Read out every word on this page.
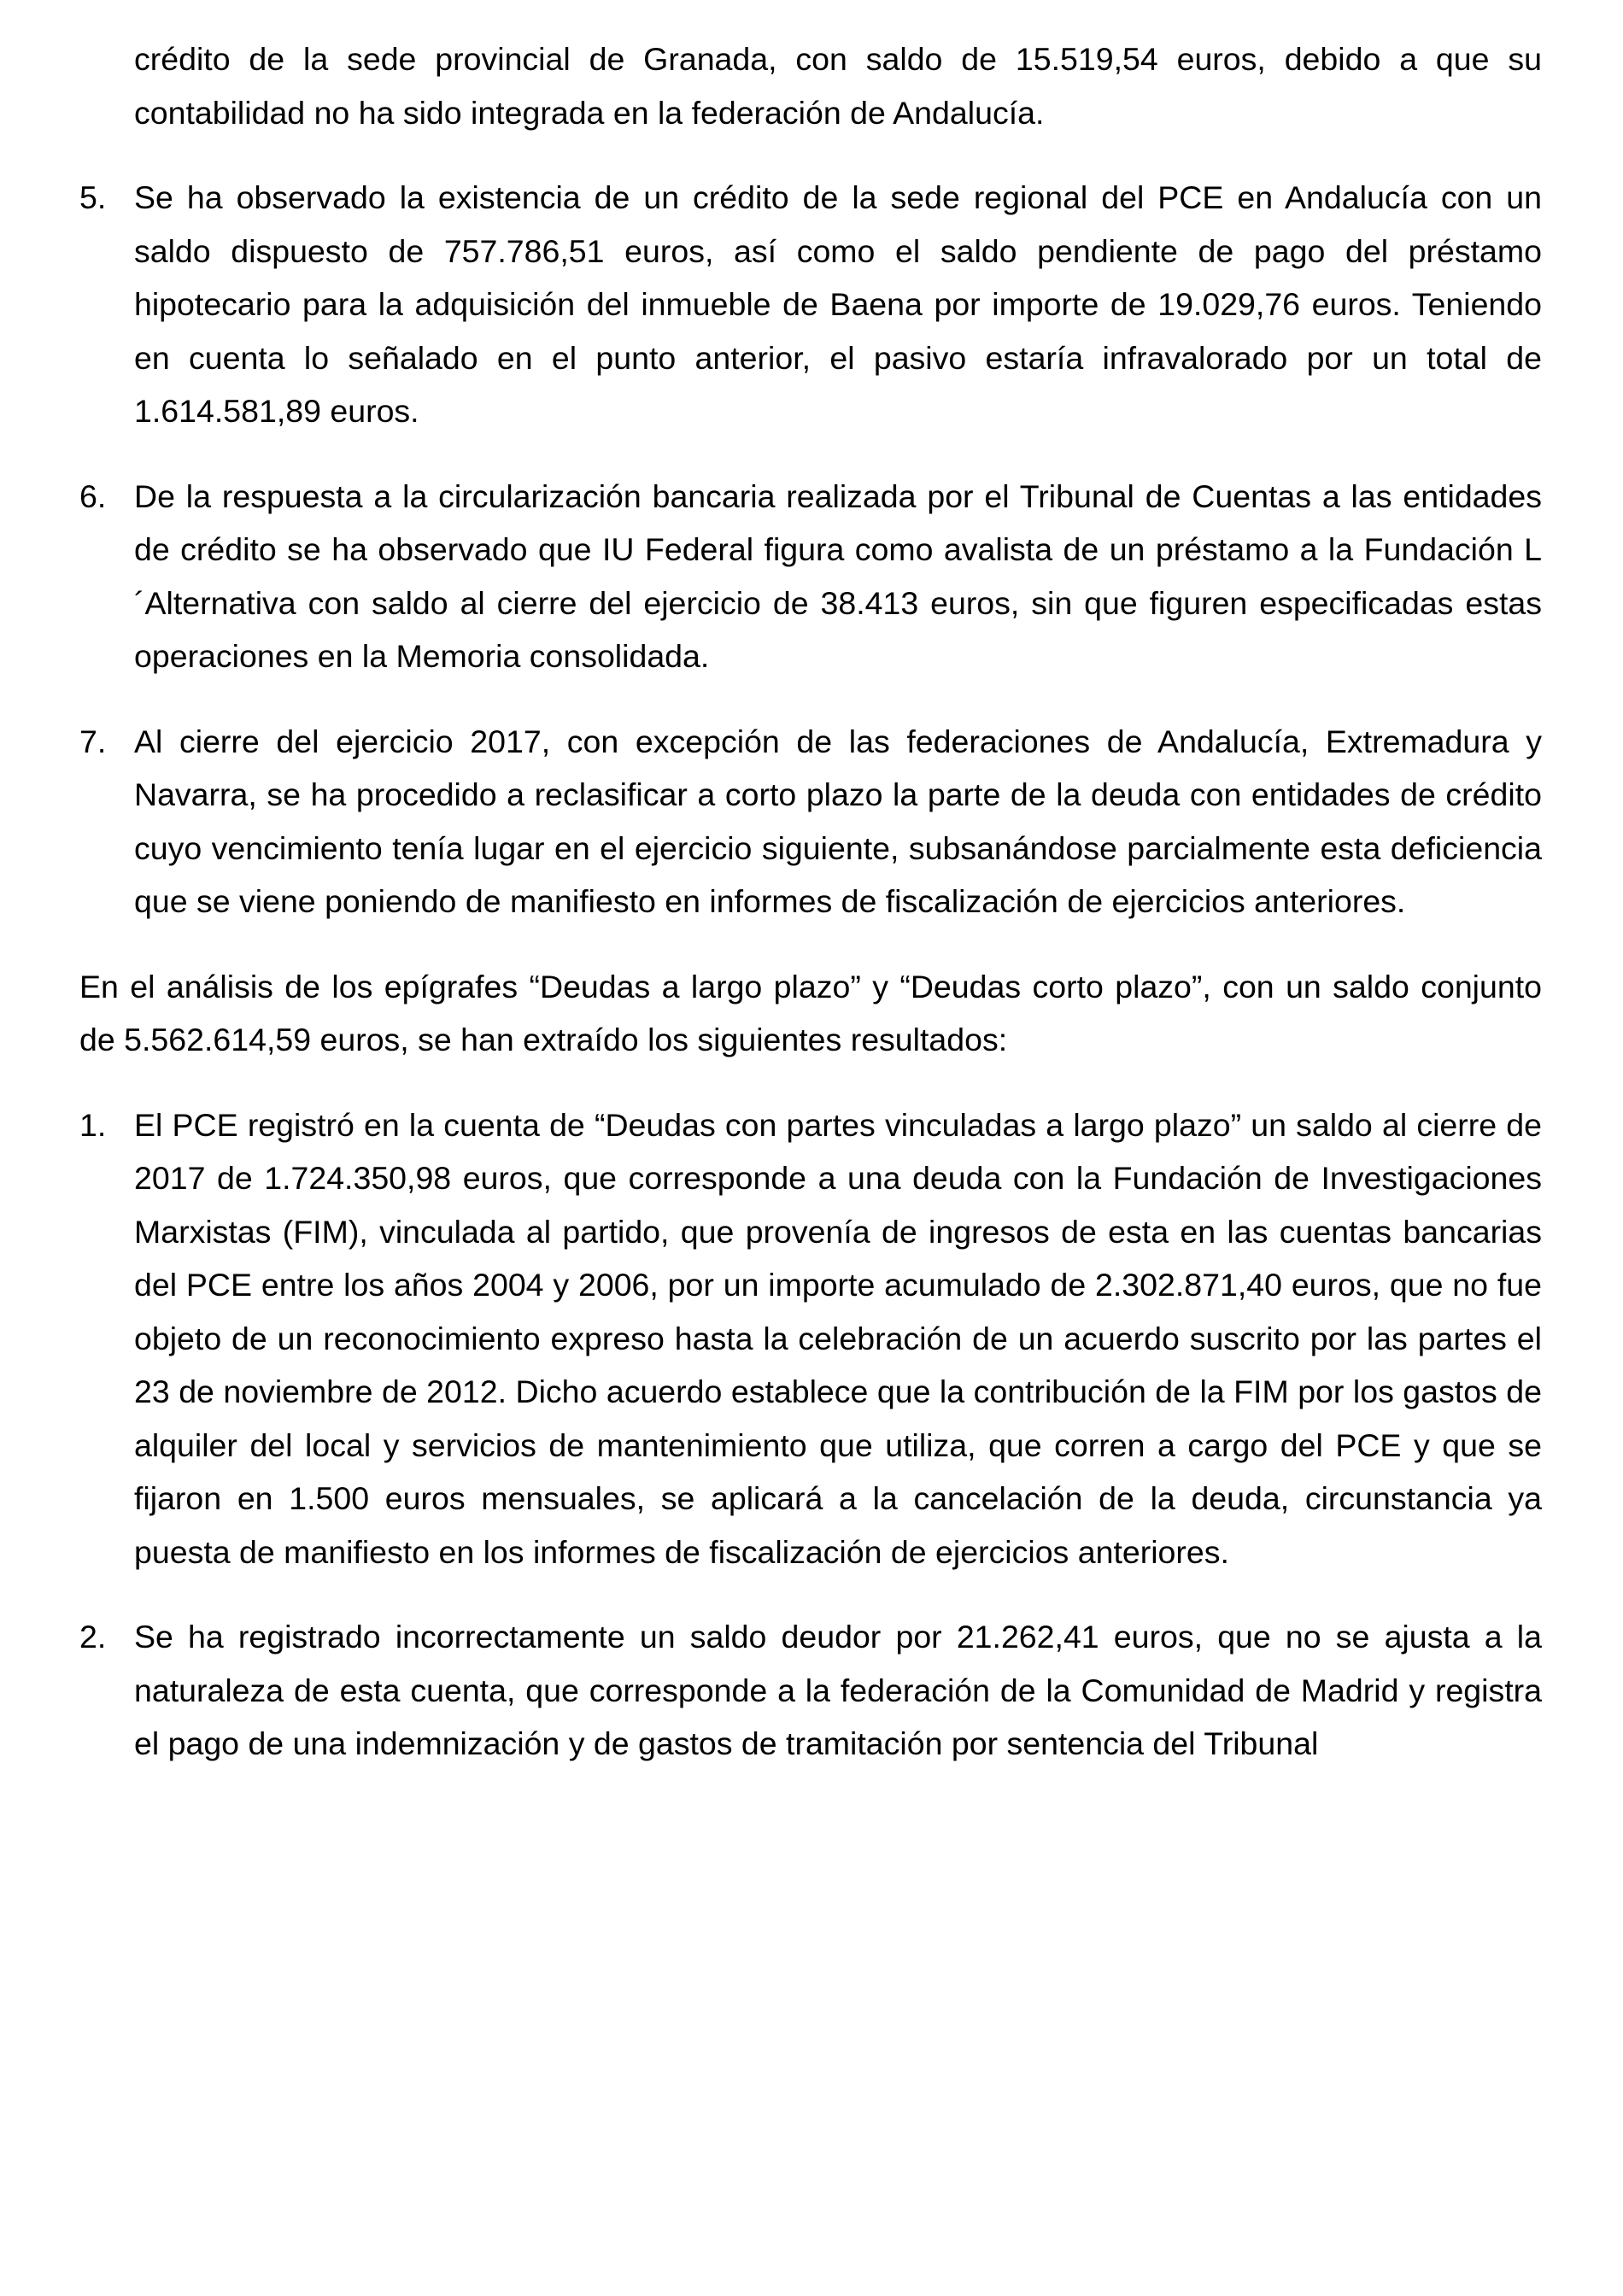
crédito de la sede provincial de Granada, con saldo de 15.519,54 euros, debido a que su contabilidad no ha sido integrada en la federación de Andalucía.

5. Se ha observado la existencia de un crédito de la sede regional del PCE en Andalucía con un saldo dispuesto de 757.786,51 euros, así como el saldo pendiente de pago del préstamo hipotecario para la adquisición del inmueble de Baena por importe de 19.029,76 euros. Teniendo en cuenta lo señalado en el punto anterior, el pasivo estaría infravalorado por un total de 1.614.581,89 euros.
6. De la respuesta a la circularización bancaria realizada por el Tribunal de Cuentas a las entidades de crédito se ha observado que IU Federal figura como avalista de un préstamo a la Fundación L´Alternativa con saldo al cierre del ejercicio de 38.413 euros, sin que figuren especificadas estas operaciones en la Memoria consolidada.
7. Al cierre del ejercicio 2017, con excepción de las federaciones de Andalucía, Extremadura y Navarra, se ha procedido a reclasificar a corto plazo la parte de la deuda con entidades de crédito cuyo vencimiento tenía lugar en el ejercicio siguiente, subsanándose parcialmente esta deficiencia que se viene poniendo de manifiesto en informes de fiscalización de ejercicios anteriores.

En el análisis de los epígrafes “Deudas a largo plazo” y “Deudas corto plazo”, con un saldo conjunto de 5.562.614,59 euros, se han extraído los siguientes resultados:

1. El PCE registró en la cuenta de “Deudas con partes vinculadas a largo plazo” un saldo al cierre de 2017 de 1.724.350,98 euros, que corresponde a una deuda con la Fundación de Investigaciones Marxistas (FIM), vinculada al partido, que provenía de ingresos de esta en las cuentas bancarias del PCE entre los años 2004 y 2006, por un importe acumulado de 2.302.871,40 euros, que no fue objeto de un reconocimiento expreso hasta la celebración de un acuerdo suscrito por las partes el 23 de noviembre de 2012. Dicho acuerdo establece que la contribución de la FIM por los gastos de alquiler del local y servicios de mantenimiento que utiliza, que corren a cargo del PCE y que se fijaron en 1.500 euros mensuales, se aplicará a la cancelación de la deuda, circunstancia ya puesta de manifiesto en los informes de fiscalización de ejercicios anteriores.
2. Se ha registrado incorrectamente un saldo deudor por 21.262,41 euros, que no se ajusta a la naturaleza de esta cuenta, que corresponde a la federación de la Comunidad de Madrid y registra el pago de una indemnización y de gastos de tramitación por sentencia del Tribunal
